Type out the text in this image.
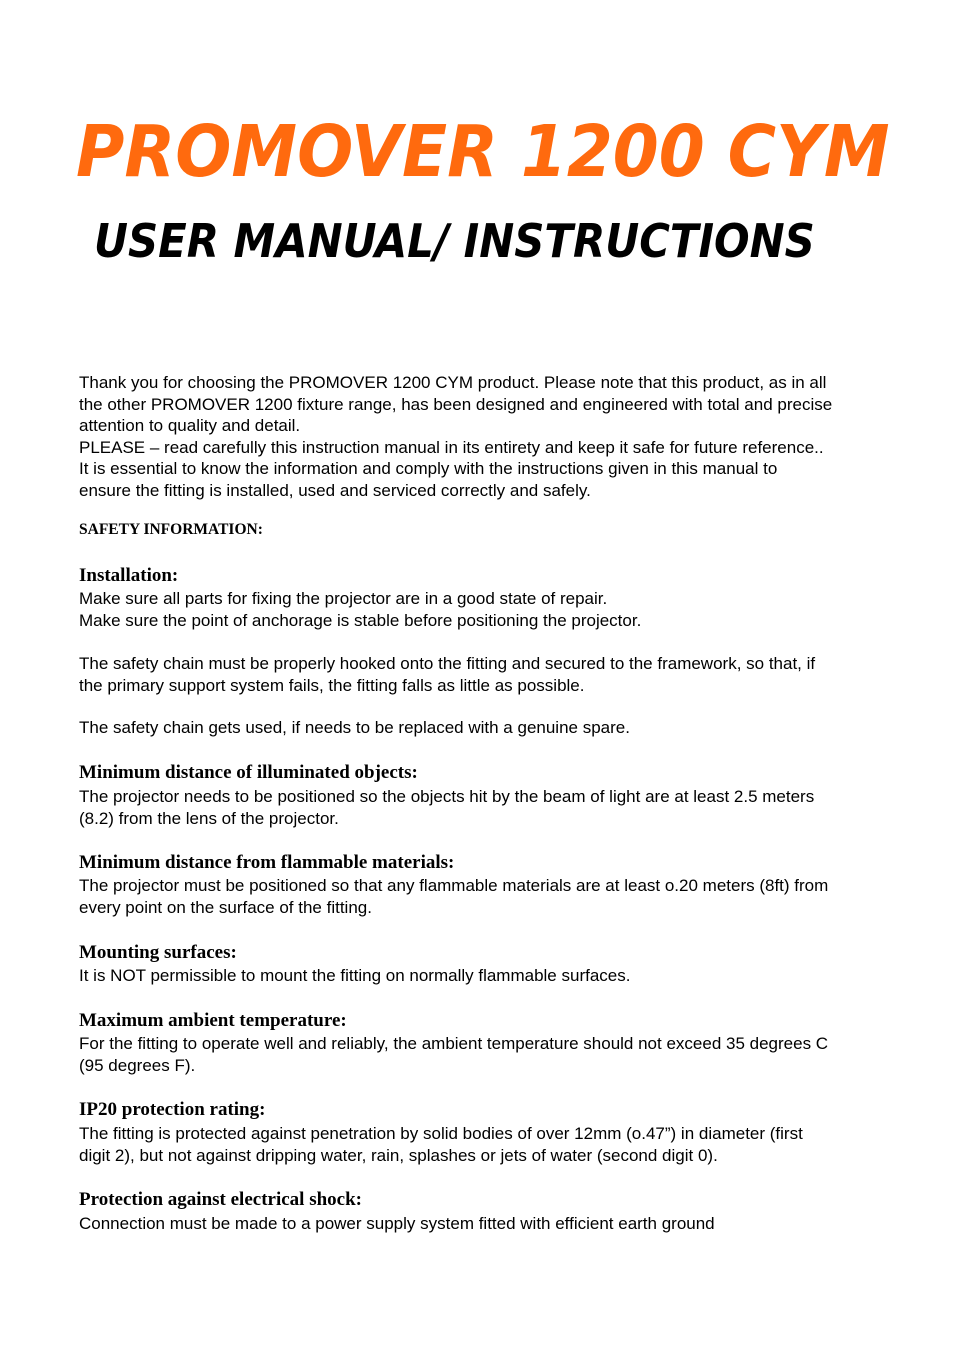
PROMOVER 1200 CYM
USER MANUAL/ INSTRUCTIONS
Thank you for choosing the PROMOVER 1200 CYM product. Please note that this product, as in all
the other PROMOVER 1200 fixture range, has been designed and engineered with total and precise
attention to quality and detail.
PLEASE – read carefully this instruction manual in its entirety and keep it safe for future reference..
It is essential to know the information and comply with the instructions given in this manual to
ensure the fitting is installed, used and serviced correctly and safely.
SAFETY INFORMATION:
Installation:
Make sure all parts for fixing the projector are in a good state of repair.
Make sure the point of anchorage is stable before positioning the projector.
The safety chain must be properly hooked onto the fitting and secured to the framework, so that, if
the primary support system fails, the fitting falls as little as possible.
The safety chain gets used, if needs to be replaced with a genuine spare.
Minimum distance of illuminated objects:
The projector needs to be positioned so the objects hit by the beam of light are at least 2.5 meters
(8.2) from the lens of the projector.
Minimum distance from flammable materials:
The projector must be positioned so that any flammable materials are at least o.20 meters (8ft) from
every point on the surface of the fitting.
Mounting surfaces:
It is NOT permissible to mount the fitting on normally flammable surfaces.
Maximum ambient temperature:
For the fitting to operate well and reliably, the ambient temperature should not exceed 35 degrees C
(95 degrees F).
IP20 protection rating:
The fitting is protected against penetration by solid bodies of over 12mm (o.47”) in diameter (first
digit 2), but not against dripping water, rain, splashes or jets of water (second digit 0).
Protection against electrical shock:
Connection must be made to a power supply system fitted with efficient earth ground
